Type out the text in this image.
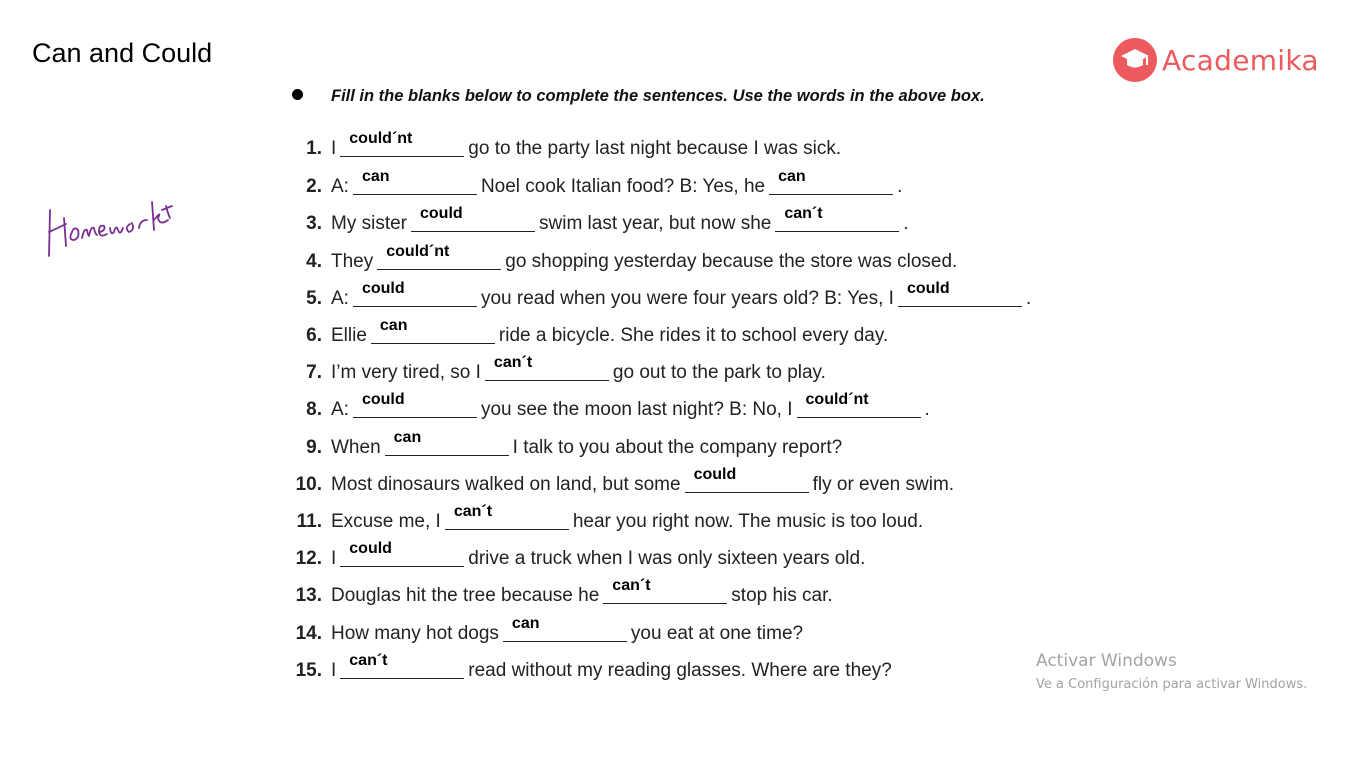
Can and Could	Academika
Fill in the blanks below to complete the sentences. Use the words in the above box.
1. I could´nt	go to the party last night because I was sick.
2. A: can	Noel cook Italian food? B: Yes, he can	.
3. My sister could	swim last year, but now she can´t	.
4. They could´nt	go shopping yesterday because the store was closed.
5. A: could	you read when you were four years old? B: Yes, I could	.
6. Ellie can	ride a bicycle. She rides it to school every day.
7. I’m very tired, so I can´t	go out to the park to play.
8. A: could	you see the moon last night? B: No, I could´nt	.
9. When can	I talk to you about the company report?
10. Most dinosaurs walked on land, but some could	fly or even swim.
11. Excuse me, I can´t	hear you right now. The music is too loud.
12. I could	drive a truck when I was only sixteen years old.
13. Douglas hit the tree because he can´t	stop his car.
14. How many hot dogs can	you eat at one time?
15. I can´t	read without my reading glasses. Where are they?	Activar Windows
Ve a Configuración para activar Windows.
